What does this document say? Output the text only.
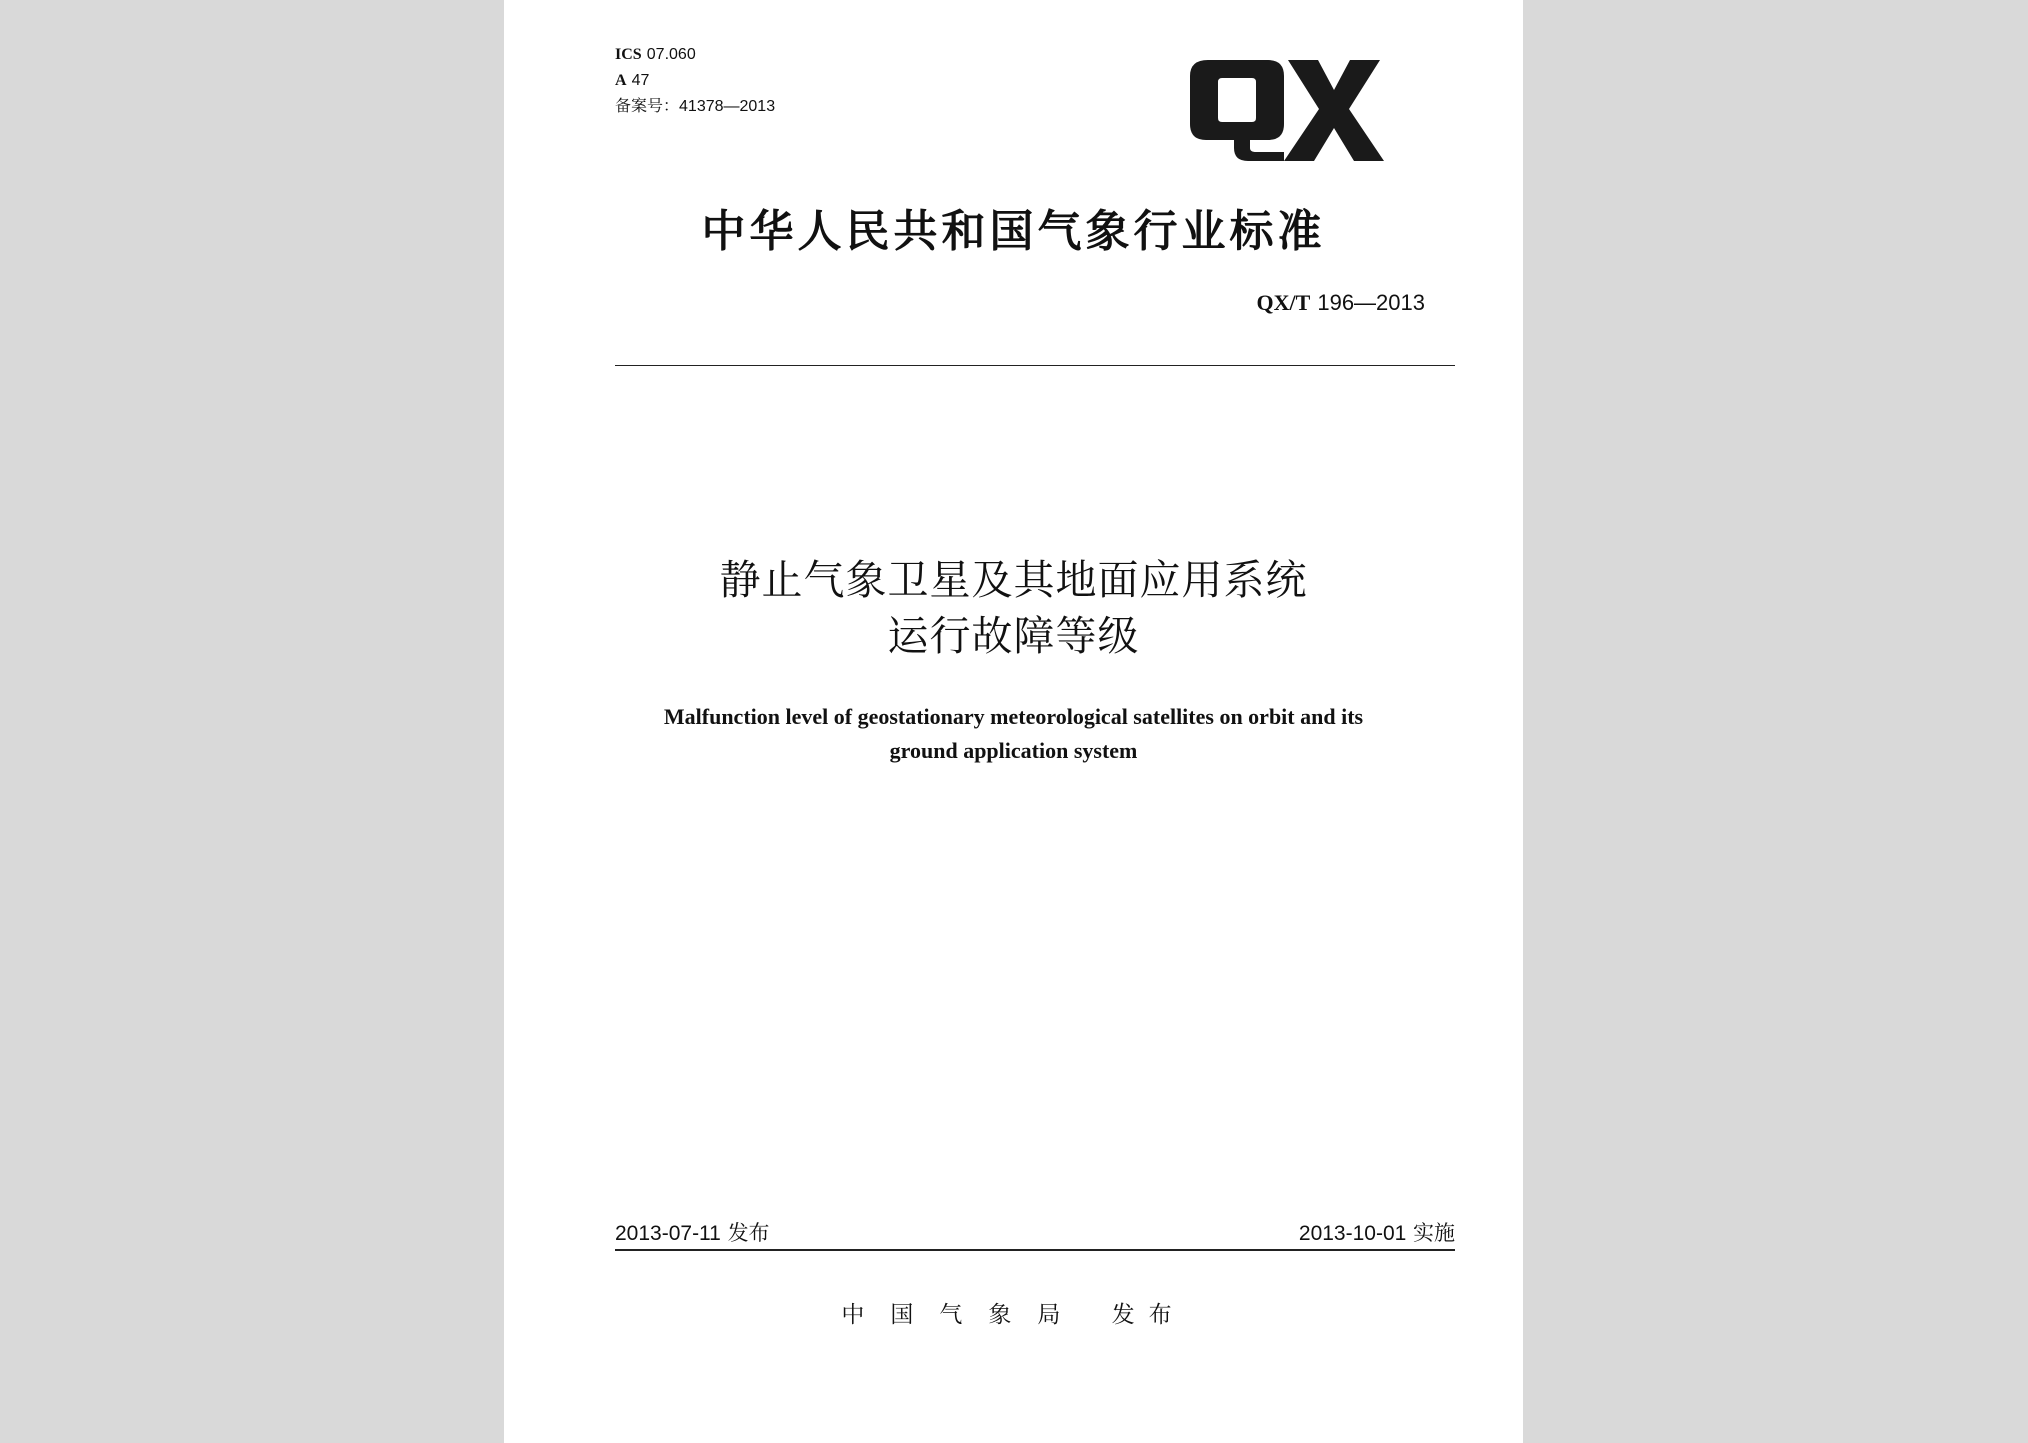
ICS 07.060
A 47
备案号：41378—2013
中华人民共和国气象行业标准
QX/T 196—2013
静止气象卫星及其地面应用系统
运行故障等级
Malfunction level of geostationary meteorological satellites on orbit and its
ground application system
2013-07-11 发布	2013-10-01 实施
中国气象局 发布
